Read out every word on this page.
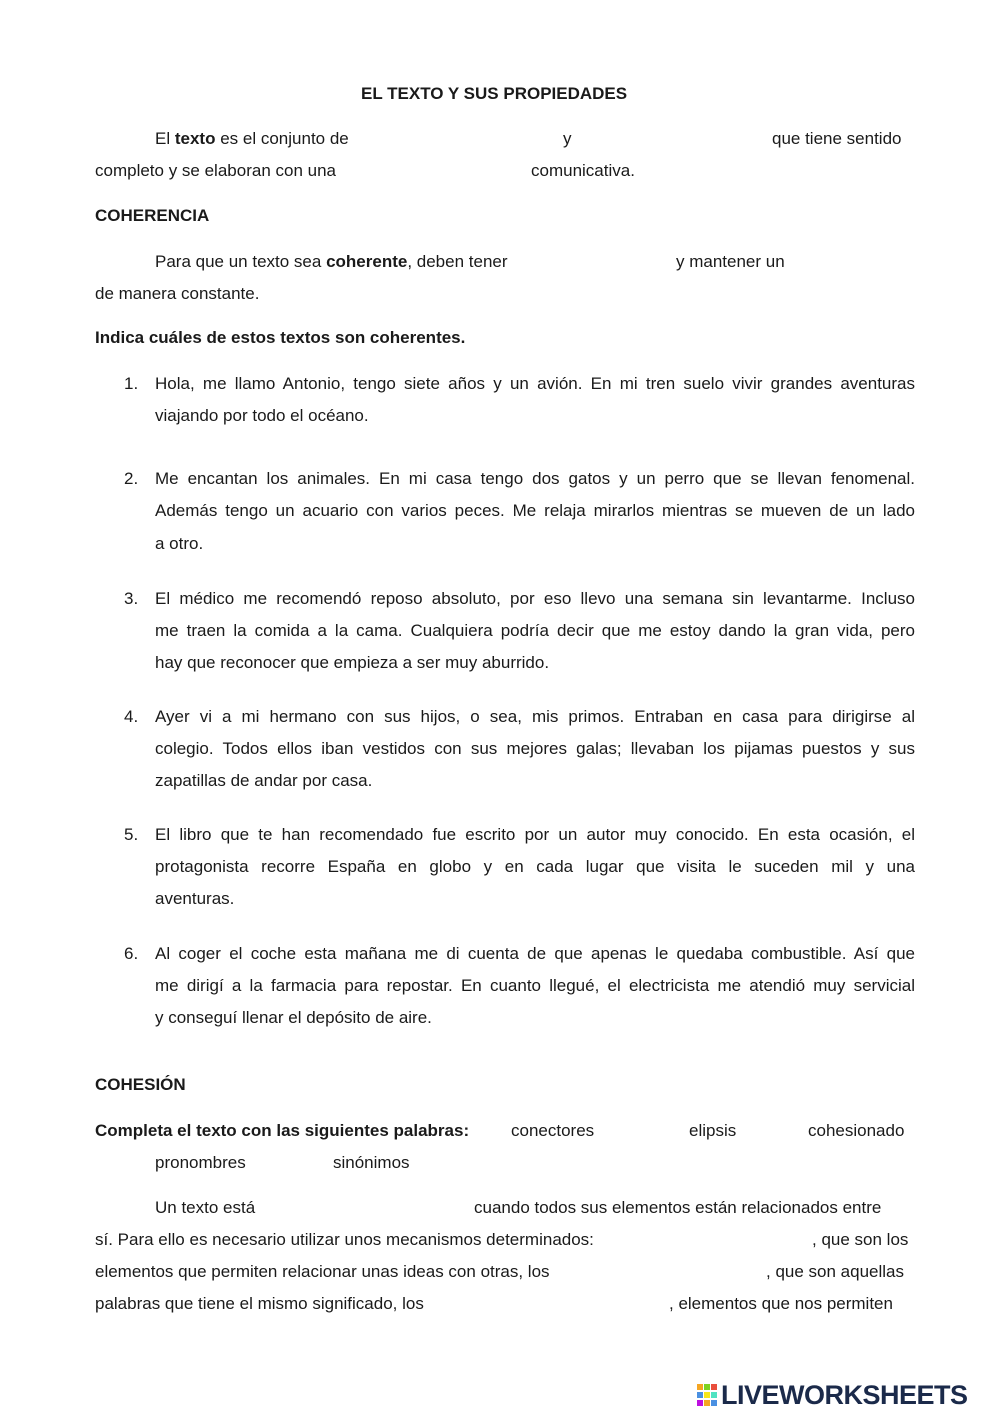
EL TEXTO Y SUS PROPIEDADES
El texto es el conjunto de	y	que tiene sentido
completo y se elaboran con una	comunicativa.
COHERENCIA
Para que un texto sea coherente, deben tener	y mantener un
de manera constante.
Indica cuáles de estos textos son coherentes.
1. Hola, me llamo Antonio, tengo siete años y un avión. En mi tren suelo vivir grandes aventuras
viajando por todo el océano.
2. Me encantan los animales. En mi casa tengo dos gatos y un perro que se llevan fenomenal.
Además tengo un acuario con varios peces. Me relaja mirarlos mientras se mueven de un lado
a otro.
3. El médico me recomendó reposo absoluto, por eso llevo una semana sin levantarme. Incluso
me traen la comida a la cama. Cualquiera podría decir que me estoy dando la gran vida, pero
hay que reconocer que empieza a ser muy aburrido.
4. Ayer vi a mi hermano con sus hijos, o sea, mis primos. Entraban en casa para dirigirse al
colegio. Todos ellos iban vestidos con sus mejores galas; llevaban los pijamas puestos y sus
zapatillas de andar por casa.
5. El libro que te han recomendado fue escrito por un autor muy conocido. En esta ocasión, el
protagonista recorre España en globo y en cada lugar que visita le suceden mil y una
aventuras.
6. Al coger el coche esta mañana me di cuenta de que apenas le quedaba combustible. Así que
me dirigí a la farmacia para repostar. En cuanto llegué, el electricista me atendió muy servicial
y conseguí llenar el depósito de aire.
COHESIÓN
Completa el texto con las siguientes palabras: conectores	elipsis	cohesionado
pronombres	sinónimos
Un texto está	cuando todos sus elementos están relacionados entre
sí. Para ello es necesario utilizar unos mecanismos determinados:	, que son los
elementos que permiten relacionar unas ideas con otras, los	, que son aquellas
palabras que tiene el mismo significado, los	, elementos que nos permiten
LIVEWORKSHEETS
